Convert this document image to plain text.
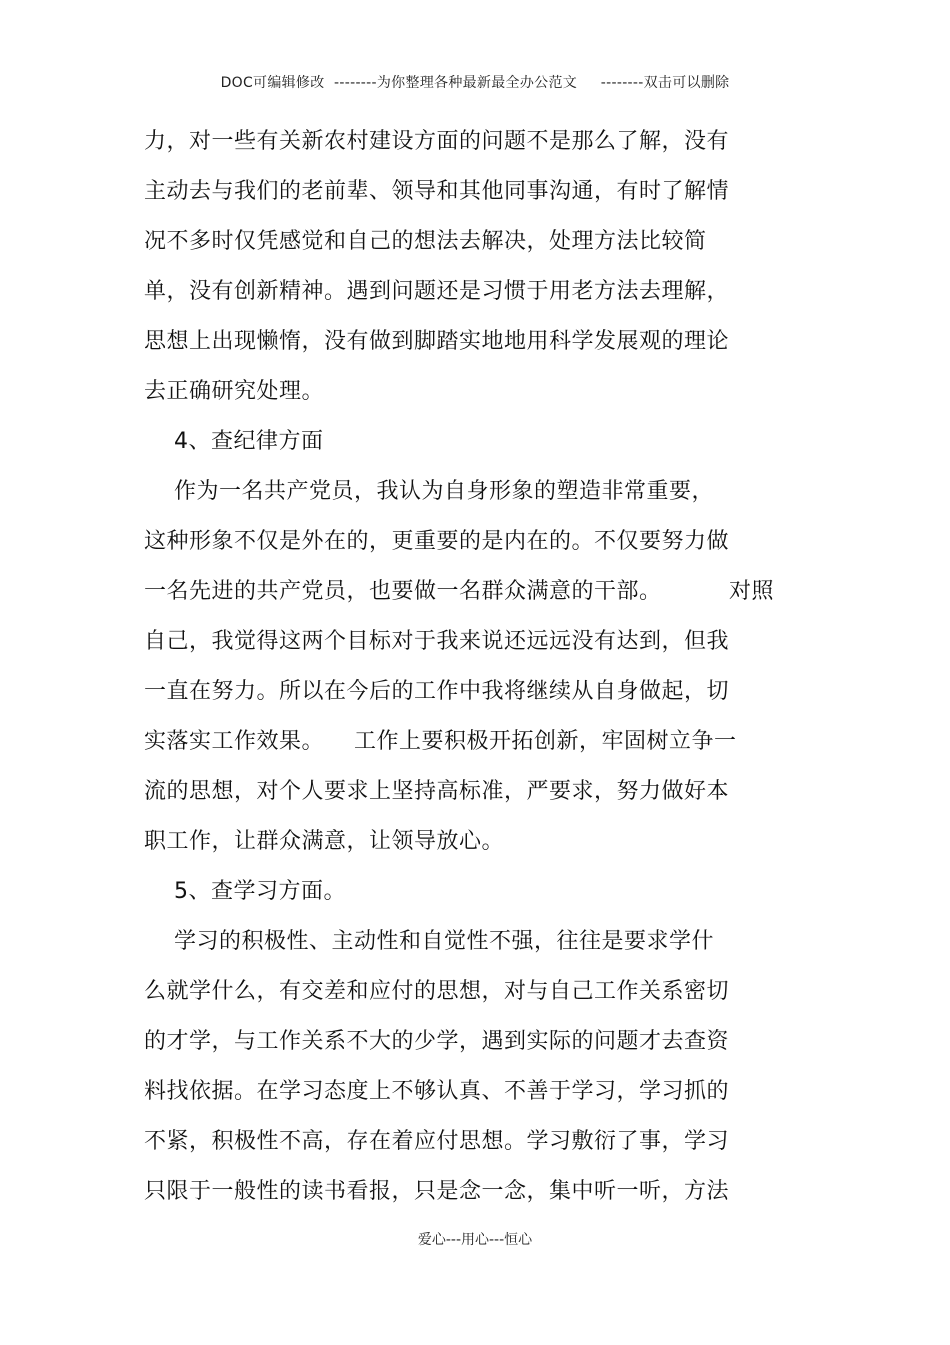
DOC可编辑修改  --------为你整理各种最新最全办公范文     --------双击可以删除
力，对一些有关新农村建设方面的问题不是那么了解，没有
主动去与我们的老前辈、领导和其他同事沟通，有时了解情
况不多时仅凭感觉和自己的想法去解决，处理方法比较简
单，没有创新精神。遇到问题还是习惯于用老方法去理解，
思想上出现懒惰，没有做到脚踏实地地用科学发展观的理论
去正确研究处理。
4、查纪律方面
作为一名共产党员，我认为自身形象的塑造非常重要，
这种形象不仅是外在的，更重要的是内在的。不仅要努力做
一名先进的共产党员，也要做一名群众满意的干部。         对照
自己，我觉得这两个目标对于我来说还远远没有达到，但我
一直在努力。所以在今后的工作中我将继续从自身做起，切
实落实工作效果。    工作上要积极开拓创新，牢固树立争一
流的思想，对个人要求上坚持高标准，严要求，努力做好本
职工作，让群众满意，让领导放心。
5、查学习方面。
学习的积极性、主动性和自觉性不强，往往是要求学什
么就学什么，有交差和应付的思想，对与自己工作关系密切
的才学，与工作关系不大的少学，遇到实际的问题才去查资
料找依据。在学习态度上不够认真、不善于学习，学习抓的
不紧，积极性不高，存在着应付思想。学习敷衍了事，学习
只限于一般性的读书看报，只是念一念，集中听一听，方法
爱心---用心---恒心
